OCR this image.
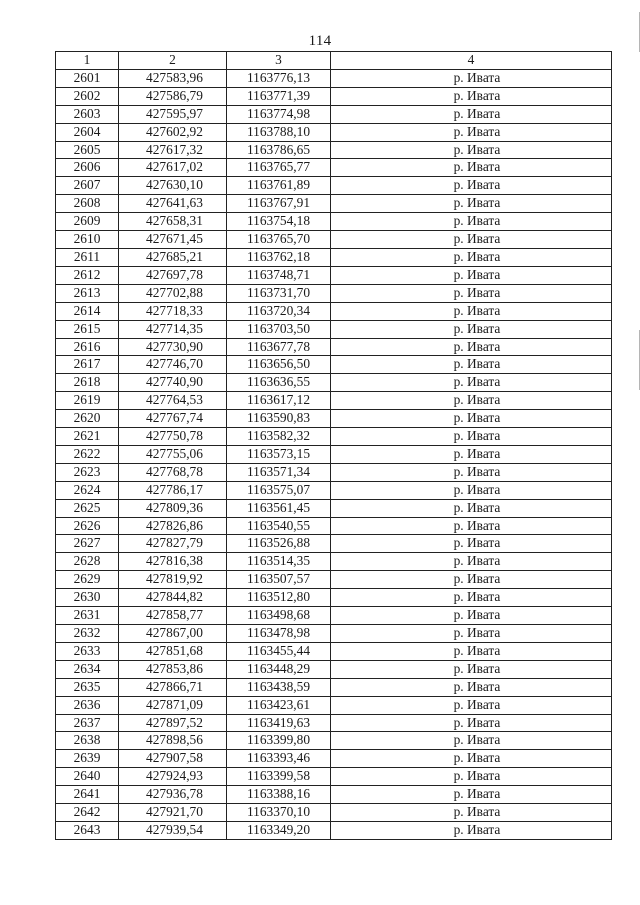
114
1	2	3	4
2601	427583,96	1163776,13	р. Ивата
2602	427586,79	1163771,39	р. Ивата
2603	427595,97	1163774,98	р. Ивата
2604	427602,92	1163788,10	р. Ивата
2605	427617,32	1163786,65	р. Ивата
2606	427617,02	1163765,77	р. Ивата
2607	427630,10	1163761,89	р. Ивата
2608	427641,63	1163767,91	р. Ивата
2609	427658,31	1163754,18	р. Ивата
2610	427671,45	1163765,70	р. Ивата
2611	427685,21	1163762,18	р. Ивата
2612	427697,78	1163748,71	р. Ивата
2613	427702,88	1163731,70	р. Ивата
2614	427718,33	1163720,34	р. Ивата
2615	427714,35	1163703,50	р. Ивата
2616	427730,90	1163677,78	р. Ивата
2617	427746,70	1163656,50	р. Ивата
2618	427740,90	1163636,55	р. Ивата
2619	427764,53	1163617,12	р. Ивата
2620	427767,74	1163590,83	р. Ивата
2621	427750,78	1163582,32	р. Ивата
2622	427755,06	1163573,15	р. Ивата
2623	427768,78	1163571,34	р. Ивата
2624	427786,17	1163575,07	р. Ивата
2625	427809,36	1163561,45	р. Ивата
2626	427826,86	1163540,55	р. Ивата
2627	427827,79	1163526,88	р. Ивата
2628	427816,38	1163514,35	р. Ивата
2629	427819,92	1163507,57	р. Ивата
2630	427844,82	1163512,80	р. Ивата
2631	427858,77	1163498,68	р. Ивата
2632	427867,00	1163478,98	р. Ивата
2633	427851,68	1163455,44	р. Ивата
2634	427853,86	1163448,29	р. Ивата
2635	427866,71	1163438,59	р. Ивата
2636	427871,09	1163423,61	р. Ивата
2637	427897,52	1163419,63	р. Ивата
2638	427898,56	1163399,80	р. Ивата
2639	427907,58	1163393,46	р. Ивата
2640	427924,93	1163399,58	р. Ивата
2641	427936,78	1163388,16	р. Ивата
2642	427921,70	1163370,10	р. Ивата
2643	427939,54	1163349,20	р. Ивата
